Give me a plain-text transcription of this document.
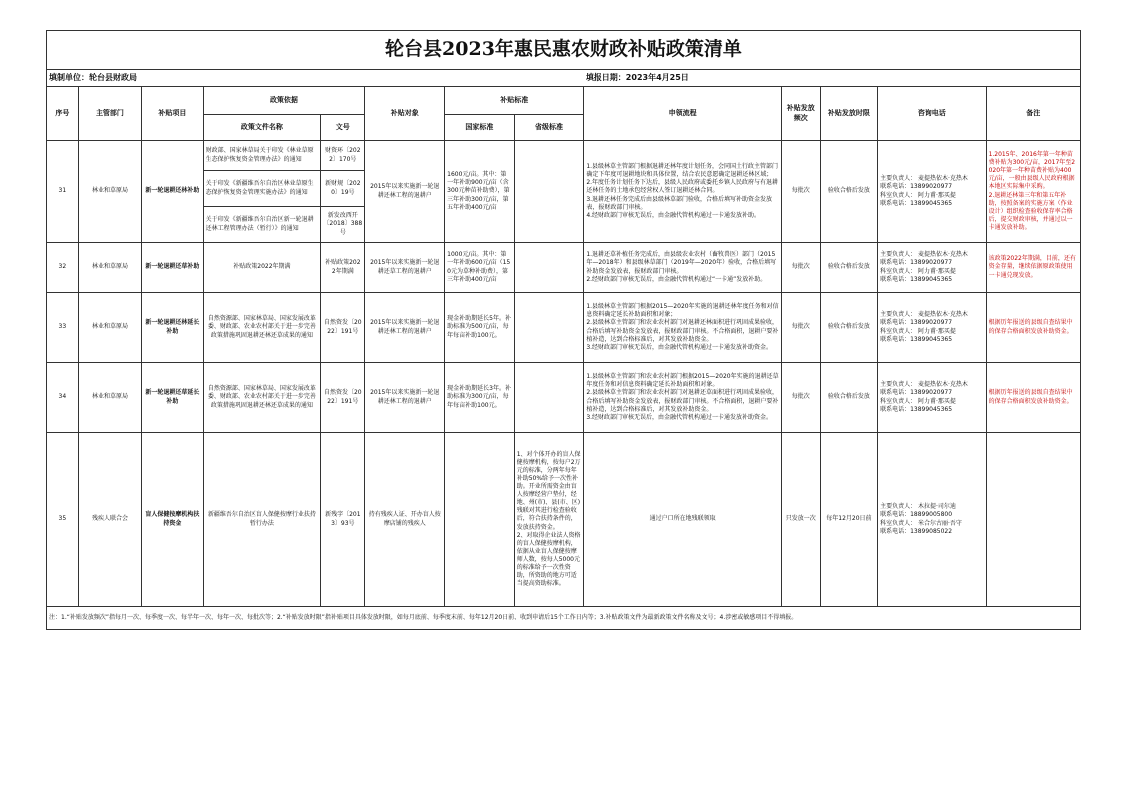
轮台县2023年惠民惠农财政补贴政策清单												
填制单位：轮台县财政局								填报日期：2023年4月25日				
序号	主管部门	补贴项目	政策依据		补贴对象	补贴标准		申领流程	补贴发放频次	补贴发放时限	咨询电话	备注
			政策文件名称	文号		国家标准	省级标准					
31	林业和草原局	新一轮退耕还林补助	财政部、国家林草局关于印发《林业草原生态保护恢复资金管理办法》的通知	财资环〔2022〕170号	2015年以来实施新一轮退耕还林工程的退耕户	1600元/亩。其中：第一年补助900元/亩（含300元种苗补助费），第三年补助300元/亩，第五年补助400元/亩		1.县级林草主管部门根据退耕还林年度计划任务，会同国土行政主管部门确定下年度可退耕地块和具体位置，结合农民意愿确定退耕还林区域；
2.年度任务计划任务下达后，县级人民政府或委托乡镇人民政府与有退耕还林任务的土地承包经营权人签订退耕还林合同。
3.退耕还林任务完成后由县级林草部门验收，合格后填写补助资金发放表，报财政部门审核。
4.经财政部门审核无误后，由金融代管机构通过一卡通发放补助。	每批次	验收合格后发放	主要负责人： 麦提热依木·克热木
联系电话：13899020977
科室负责人： 阿力甫·那买提
联系电话：13899045365	1.2015年、2016年第一年种苗费补贴为300元/亩，2017年至2020年第一年种苗费补贴为400元/亩，一般由县级人民政府根据本地区实际集中采购。
2.退耕还林第三年和第五年补助，按照备案的实施方案（作业设计）组织检查验收保存率合格后，提交财政审核，并通过以一卡通发放补助。
			关于印发《新疆维吾尔自治区林业草原生态保护恢复资金管理实施办法》的通知	新财规〔2020〕19号								
			关于印发《新疆维吾尔自治区新一轮退耕还林工程管理办法（暂行）》的通知	新发改西开〔2018〕388号								
32	林业和草原局	新一轮退耕还草补助	补贴政策2022年期满	补贴政策2022年期满	2015年以来实施新一轮退耕还草工程的退耕户	1000元/亩。其中：第一年补助600元/亩（150元为草种补助费），第三年补助400元/亩		1.退耕还草补植任务完成后，由县级农业农村（畜牧兽医）部门（2015年—2018年）和县级林草部门（2019年—2020年）验收，合格后填写补助资金发放表，报财政部门审核。
2.经财政部门审核无误后，由金融代管机构通过“一卡通”发放补助。	每批次	验收合格后发放	主要负责人： 麦提热依木·克热木
联系电话：13899020977
科室负责人： 阿力甫·那买提
联系电话：13899045365	该政策2022年期满，目前，还有资金存量，继续依据原政策使用一卡通兑现发放。
33	林业和草原局	新一轮退耕还林延长补助	自然资源部、国家林草局、国家发展改革委、财政部、农业农村部关于进一步完善政策措施巩固退耕还林还草成果的通知	自然资发〔2022〕191号	2015年以来实施新一轮退耕还林工程的退耕户	现金补助期延长5年。补助标准为500元/亩，每年每亩补助100元。		1.县级林草主管部门根据2015—2020年实施的退耕还林年度任务和对信息资料确定延长补助面积和对象；
2.县级林草主管部门和农业农村部门对退耕还林面积进行巩固成果验收，合格后填写补助资金发放表，报财政部门审核。不合格面积，退耕户要补植补造，达到合格标准后，对其发放补助资金。
3.经财政部门审核无误后，由金融代管机构通过一卡通发放补助资金。	每批次	验收合格后发放	主要负责人： 麦提热依木·克热木
联系电话：13899020977
科室负责人： 阿力甫·那买提
联系电话：13899045365	根据历年报送的县级自查结果中的保存合格面积发放补助资金。
34	林业和草原局	新一轮退耕还草延长补助	自然资源部、国家林草局、国家发展改革委、财政部、农业农村部关于进一步完善政策措施巩固退耕还林还草成果的通知	自然资发〔2022〕191号	2015年以来实施新一轮退耕还林工程的退耕户	现金补助期延长3年。补助标准为300元/亩，每年每亩补助100元。		1.县级林草主管部门和农业农村部门根据2015—2020年实施的退耕还草年度任务和对信息资料确定延长补助面积和对象。
2.县级林草主管部门和农业农村部门对退耕还草面积进行巩固成果验收，合格后填写补助资金发放表，报财政部门审核。不合格面积，退耕户要补植补造，达到合格标准后，对其发放补助资金。
3.经财政部门审核无误后，由金融代管机构通过一卡通发放补助资金。	每批次	验收合格后发放	主要负责人： 麦提热依木·克热木
联系电话：13899020977
科室负责人： 阿力甫·那买提
联系电话：13899045365	根据历年报送的县级自查结果中的保存合格面积发放补助资金。
35	残疾人联合会	盲人保健按摩机构扶持资金	新疆维吾尔自治区盲人保健按摩行业扶持暂行办法	新残字〔2013〕93号	持有残疾人证、开办盲人按摩店铺的残疾人		1、对个体开办的盲人保健按摩机构，按每户2万元的标准，分两年每年补助50%给予一次性补助。开业所需资金由盲人按摩经营户垫付，经地、州(市)、县(市、区)残联对其进行检查验收后，符合扶持条件的，发放扶持资金。
2、对取得企业法人资格的盲人保健按摩机构，依据从业盲人保健按摩师人数，按每人5000元的标准给予一次性资助，所资助的地方可适当提高资助标准。	通过户口所在地残联领取	只发放一次	每年12月20日前	主要负责人： 木拉提·司尔迪
联系电话：18899005800
科室负责人： 米合尔古丽·吾守
联系电话：13899085022	
注：1.“补贴发放频次”指每月一次、每季度一次、每半年一次、每年一次、每批次等；2.“补贴发放时限”指补贴项目具体发放时限，如每月底前、每季度末前、每年12月20日前、收到申请后15个工作日内等；3.补贴政策文件为最新政策文件名称及文号；4.涉密或敏感项目不得填报。												
